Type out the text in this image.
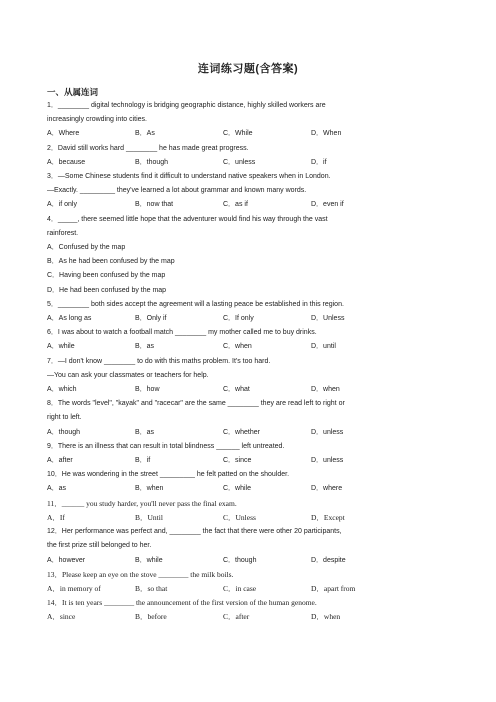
连词练习题(含答案)
一、从属连词

1．________ digital technology is bridging geographic distance, highly skilled workers are

increasingly crowding into cities.

A．Where	B．As	C．While	D．When

2．David still works hard ________ he has made great progress.

A．because	B．though	C．unless	D．if

3．—Some Chinese students find it difficult to understand native speakers when in London.

—Exactly. _________ they've learned a lot about grammar and known many words.

A．if only	B．now that	C．as if	D．even if

4．_____, there seemed little hope that the adventurer would find his way through the vast

rainforest.

A．Confused by the map
B．As he had been confused by the map
C．Having been confused by the map
D．He had been confused by the map

5．________ both sides accept the agreement will a lasting peace be established in this region.

A．As long as	B．Only if	C．If only	D．Unless

6．I was about to watch a football match ________ my mother called me to buy drinks.

A．while	B．as	C．when	D．until

7．—I don't know ________ to do with this maths problem. It's too hard.

—You can ask your classmates or teachers for help.

A．which	B．how	C．what	D．when

8．The words "level", "kayak" and "racecar" are the same ________ they are read left to right or

right to left.

A．though	B．as	C．whether	D．unless

9．There is an illness that can result in total blindness ______ left untreated.

A．after	B．if	C．since	D．unless

10．He was wondering in the street _________ he felt patted on the shoulder.

A．as	B．when	C．while	D．where

11．______ you study harder, you'll never pass the final exam.

A．If	B．Until	C．Unless	D．Except

12．Her performance was perfect and, ________ the fact that there were other 20 participants,

the first prize still belonged to her.

A．however	B．while	C．though	D．despite

13．Please keep an eye on the stove ________ the milk boils.

A．in memory of	B．so that	C．in case	D．apart from

14．It is ten years ________ the announcement of the first version of the human genome.

A．since	B．before	C．after	D．when
